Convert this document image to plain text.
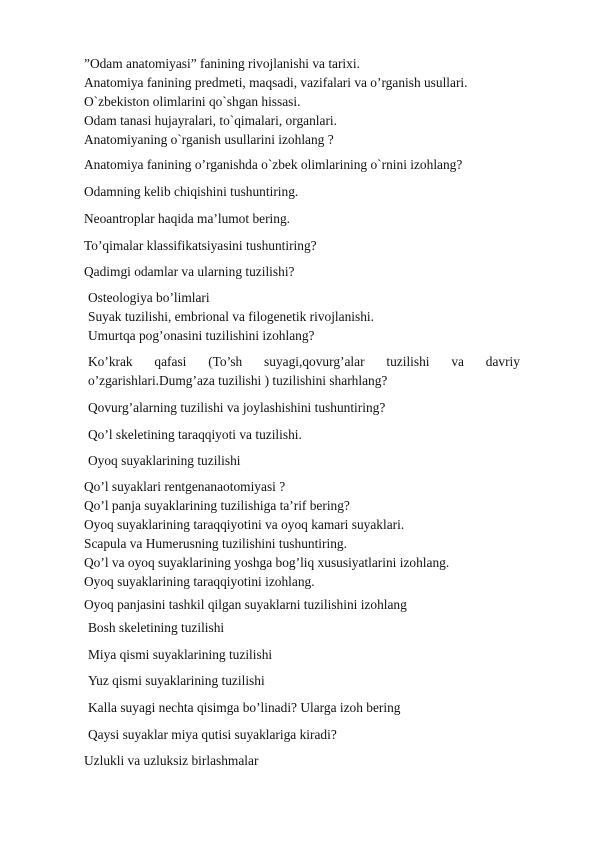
”Odam anatomiyasi” fanining rivojlanishi va tarixi.
Anatomiya fanining predmeti, maqsadi, vazifalari va o’rganish usullari.
O`zbekiston olimlarini qo`shgan hissasi.
Odam tanasi hujayralari, to`qimalari, organlari.
Anatomiyaning o`rganish usullarini izohlang ?
Anatomiya fanining o’rganishda o`zbek olimlarining o`rnini izohlang?
Odamning kelib chiqishini tushuntiring.
Neoantroplar haqida ma’lumot bering.
To’qimalar klassifikatsiyasini tushuntiring?
Qadimgi odamlar va ularning tuzilishi?
Osteologiya bo’limlari
Suyak tuzilishi, embrional va filogenetik rivojlanishi.
Umurtqa pog’onasini tuzilishini izohlang?
Ko’krak qafasi (To’sh suyagi,qovurg’alar tuzilishi va davriy
o’zgarishlari.Dumg’aza tuzilishi ) tuzilishini sharhlang?
Qovurg’alarning tuzilishi va joylashishini tushuntiring?
Qo’l skeletining taraqqiyoti va tuzilishi.
Oyoq suyaklarining tuzilishi
Qo’l suyaklari rentgenanaotomiyasi ?
Qo’l panja suyaklarining tuzilishiga ta’rif bering?
Oyoq suyaklarining taraqqiyotini va oyoq kamari suyaklari.
Scapula va Humerusning tuzilishini tushuntiring.
Qo’l va oyoq suyaklarining yoshga bog’liq xususiyatlarini izohlang.
Oyoq suyaklarining taraqqiyotini izohlang.
Oyoq panjasini tashkil qilgan suyaklarni tuzilishini izohlang
Bosh skeletining tuzilishi
Miya qismi suyaklarining tuzilishi
Yuz qismi suyaklarining tuzilishi
Kalla suyagi nechta qisimga bo’linadi? Ularga izoh bering
Qaysi suyaklar miya qutisi suyaklariga kiradi?
Uzlukli va uzluksiz birlashmalar
